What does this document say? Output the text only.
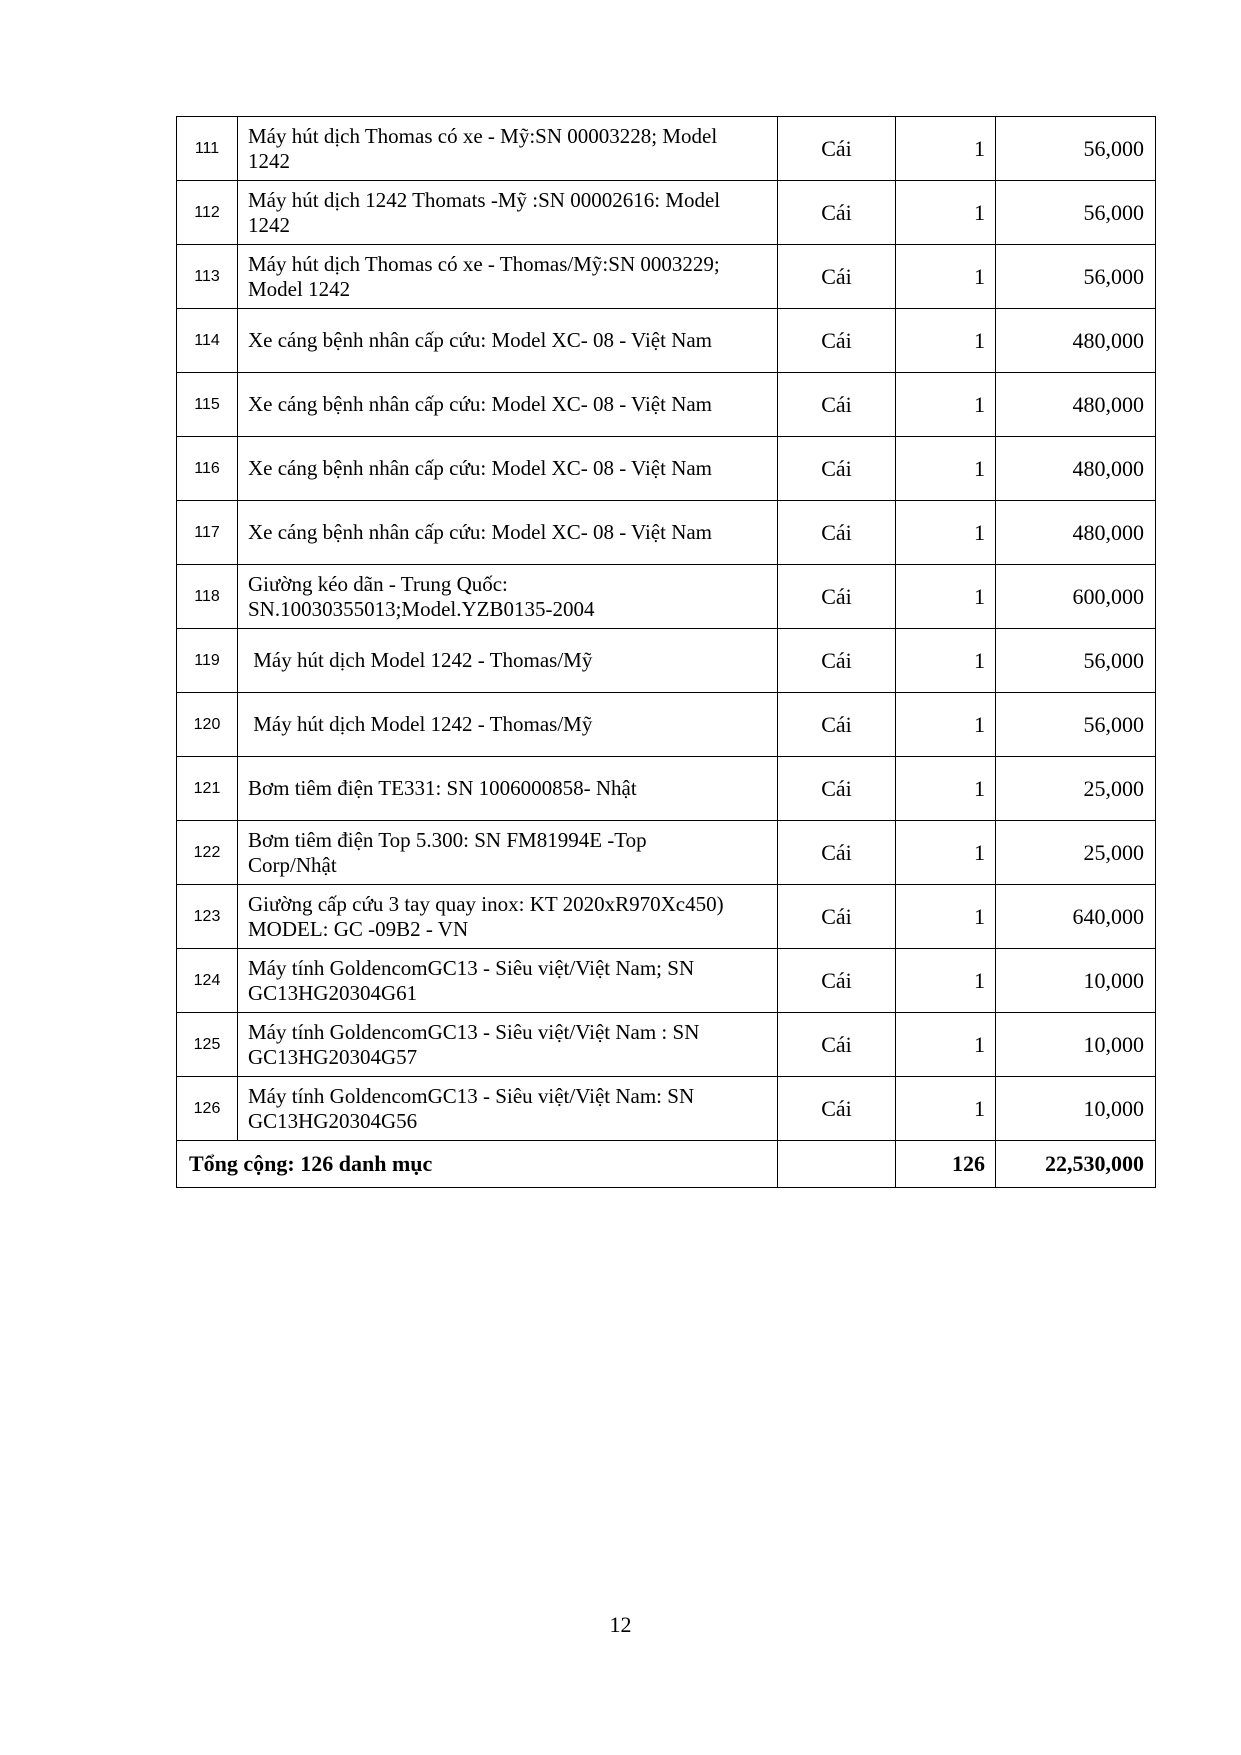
111	Máy hút dịch Thomas có xe - Mỹ:SN 00003228; Model
1242	Cái	1	56,000
112	Máy hút dịch 1242 Thomats -Mỹ :SN 00002616: Model
1242	Cái	1	56,000
113	Máy hút dịch Thomas có xe - Thomas/Mỹ:SN 0003229;
Model 1242	Cái	1	56,000
114	Xe cáng bệnh nhân cấp cứu: Model XC- 08 - Việt Nam	Cái	1	480,000
115	Xe cáng bệnh nhân cấp cứu: Model XC- 08 - Việt Nam	Cái	1	480,000
116	Xe cáng bệnh nhân cấp cứu: Model XC- 08 - Việt Nam	Cái	1	480,000
117	Xe cáng bệnh nhân cấp cứu: Model XC- 08 - Việt Nam	Cái	1	480,000
118	Giường kéo dãn - Trung Quốc:
SN.10030355013;Model.YZB0135-2004	Cái	1	600,000
119	Máy hút dịch Model 1242 - Thomas/Mỹ	Cái	1	56,000
120	Máy hút dịch Model 1242 - Thomas/Mỹ	Cái	1	56,000
121	Bơm tiêm điện TE331: SN 1006000858- Nhật	Cái	1	25,000
122	Bơm tiêm điện Top 5.300: SN FM81994E -Top
Corp/Nhật	Cái	1	25,000
123	Giường cấp cứu 3 tay quay inox: KT 2020xR970Xc450)
MODEL: GC -09B2 - VN	Cái	1	640,000
124	Máy tính GoldencomGC13 - Siêu việt/Việt Nam; SN
GC13HG20304G61	Cái	1	10,000
125	Máy tính GoldencomGC13 - Siêu việt/Việt Nam : SN
GC13HG20304G57	Cái	1	10,000
126	Máy tính GoldencomGC13 - Siêu việt/Việt Nam: SN
GC13HG20304G56	Cái	1	10,000
Tổng cộng: 126 danh mục			126	22,530,000
12
